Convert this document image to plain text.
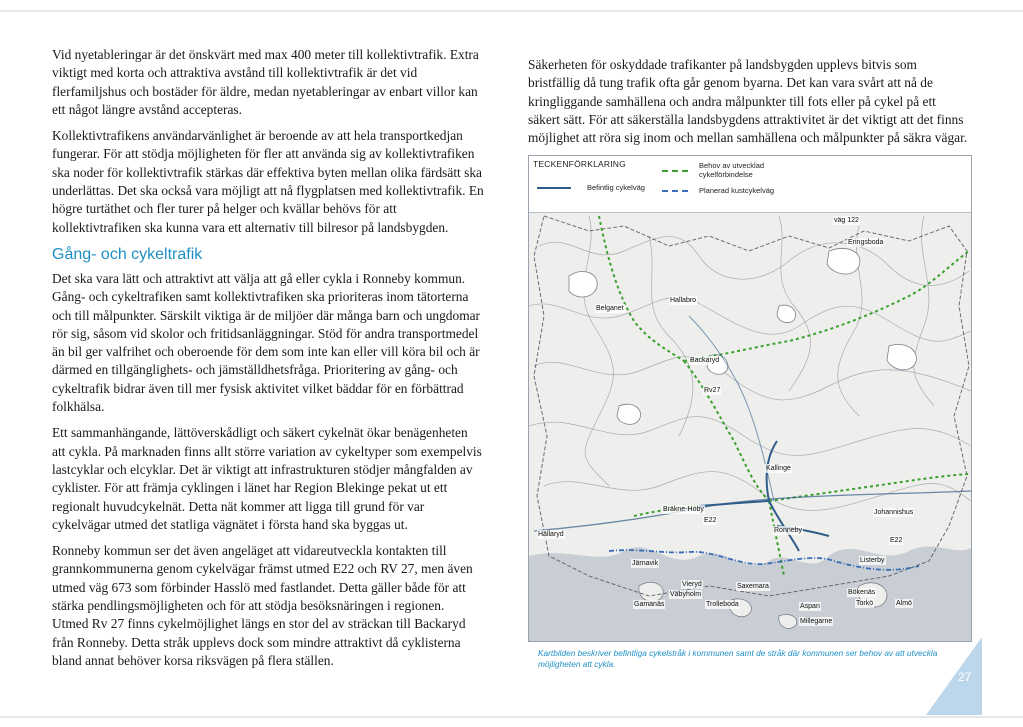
Vid nyetableringar är det önskvärt med max 400 meter till kollektivtrafik. Extra viktigt med korta och attraktiva avstånd till kollektivtrafik är det vid flerfamiljshus och bostäder för äldre, medan nyetableringar av enbart villor kan ett något längre avstånd accepteras.

Kollektivtrafikens användarvänlighet är beroende av att hela transportkedjan fungerar. För att stödja möjligheten för fler att använda sig av kollektivtrafiken ska noder för kollektivtrafik stärkas där effektiva byten mellan olika färdsätt ska underlättas. Det ska också vara möjligt att nå flygplatsen med kollektivtrafik. En högre turtäthet och fler turer på helger och kvällar behövs för att kollektivtrafiken ska kunna vara ett alternativ till bilresor på landsbygden.

Gång- och cykeltrafik

Det ska vara lätt och attraktivt att välja att gå eller cykla i Ronneby kommun. Gång- och cykeltrafiken samt kollektivtrafiken ska prioriteras inom tätorterna och till målpunkter. Särskilt viktiga är de miljöer där många barn och ungdomar rör sig, såsom vid skolor och fritidsanläggningar. Stöd för andra transportmedel än bil ger valfrihet och oberoende för dem som inte kan eller vill köra bil och är därmed en tillgänglighets- och jämställdhetsfråga. Prioritering av gång- och cykeltrafik bidrar även till mer fysisk aktivitet vilket bäddar för en förbättrad folkhälsa.

Ett sammanhängande, lättöverskådligt och säkert cykelnät ökar benägenheten att cykla. På marknaden finns allt större variation av cykeltyper som exempelvis lastcyklar och elcyklar. Det är viktigt att infrastrukturen stödjer mångfalden av cyklister. För att främja cyklingen i länet har Region Blekinge pekat ut ett regionalt huvudcykelnät. Detta nät kommer att ligga till grund för var cykelvägar utmed det statliga vägnätet i första hand ska byggas ut.

Ronneby kommun ser det även angeläget att vidareutveckla kontakten till grannkommunerna genom cykelvägar främst utmed E22 och RV 27, men även utmed väg 673 som förbinder Hasslö med fastlandet. Detta gäller både för att stärka pendlingsmöjligheten och för att stödja besöksnäringen i regionen. Utmed Rv 27 finns cykelmöjlighet längs en stor del av sträckan till Backaryd från Ronneby. Detta stråk upplevs dock som mindre attraktivt då cyklisterna bland annat behöver korsa riksvägen på flera ställen.

Säkerheten för oskyddade trafikanter på landsbygden upplevs bitvis som bristfällig då tung trafik ofta går genom byarna. Det kan vara svårt att nå de kringliggande samhällena och andra målpunkter till fots eller på cykel på ett säkert sätt. För att säkerställa landsbygdens attraktivitet är det viktigt att det finns möjlighet att röra sig inom och mellan samhällena och målpunkter på säkra vägar.

TECKENFÖRKLARING
Befintlig cykelväg
Behov av utvecklad cykelförbindelse
Planerad kustcykelväg
väg 122
Eringsboda
Belganet
Hallabro
Backaryd
Rv27
Kallinge
Bräkne-Hoby
E22
Johannishus
Hällaryd
Ronneby
E22
Listerby
Järnavik
Vieryd	Saxemara
Väbyholm
Aspan
Gamanäs	Trolleboda
Bökenäs
Torkö	Almö
Millegarne
Kartbilden beskriver befintliga cykelstråk i kommunen samt de stråk där kommunen ser behov av att utveckla möjligheten att cykla.
27
